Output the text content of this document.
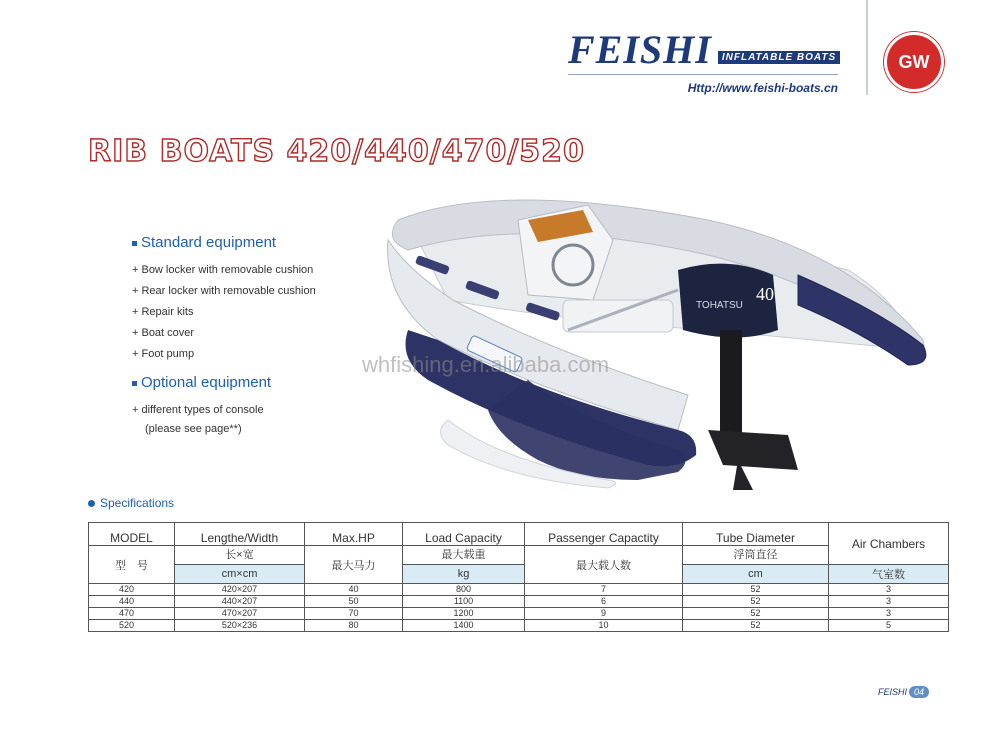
FEISHI	INFLATABLE BOATS
Http://www.feishi-boats.cn
GW
RIB BOATS 420/440/470/520
Standard equipment
+ Bow locker with removable cushion
+ Rear locker with removable cushion
+ Repair kits
+ Boat cover
+ Foot pump
Optional equipment
+ different types of console
(please see page**)
TOHATSU
40
whfishing.en.alibaba.com
Specifications
MODEL	Lengthe/Width	Max.HP	Load Capacity	Passenger Capactity	Tube Diameter	Air Chambers
型　号	长×宽	最大马力	最大载重	最大载人数	浮筒直径	
	cm×cm		kg		cm	气室数
420	420×207	40	800	7	52	3
440	440×207	50	1100	6	52	3
470	470×207	70	1200	9	52	3
520	520×236	80	1400	10	52	5
FEISHI 04
